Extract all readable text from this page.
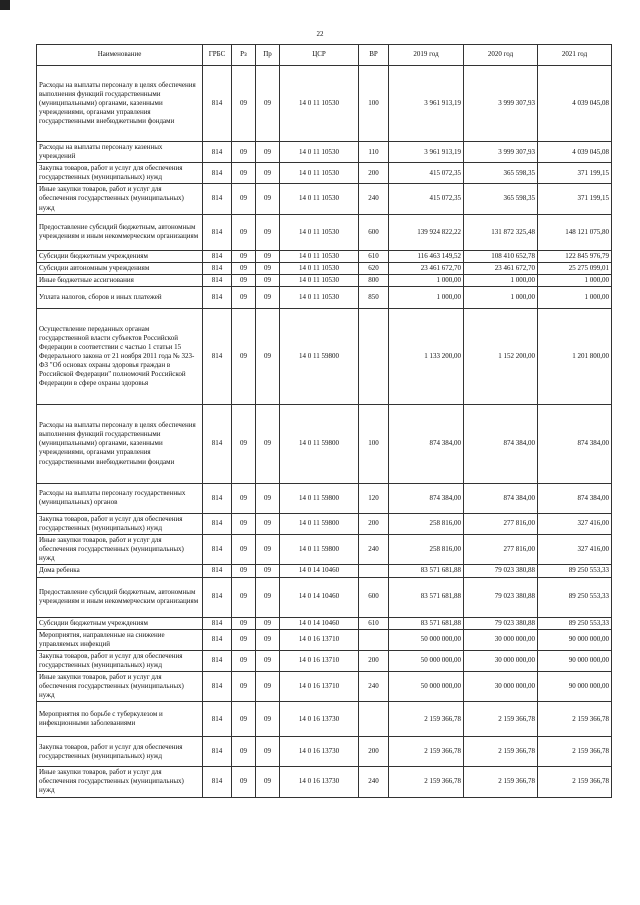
22
Наименование	ГРБС	Рз	Пр	ЦСР	ВР	2019 год	2020 год	2021 год
Расходы на выплаты персоналу в целях обеспечения выполнения функций государственными (муниципальными) органами, казенными учреждениями, органами управления государственными внебюджетными фондами	814	09	09	14 0 11 10530	100	3 961 913,19	3 999 307,93	4 039 045,08
Расходы на выплаты персоналу казенных учреждений	814	09	09	14 0 11 10530	110	3 961 913,19	3 999 307,93	4 039 045,08
Закупка товаров, работ и услуг для обеспечения государственных (муниципальных) нужд	814	09	09	14 0 11 10530	200	415 072,35	365 598,35	371 199,15
Иные закупки товаров, работ и услуг для обеспечения государственных (муниципальных) нужд	814	09	09	14 0 11 10530	240	415 072,35	365 598,35	371 199,15
Предоставление субсидий бюджетным, автономным учреждениям и иным некоммерческим организациям	814	09	09	14 0 11 10530	600	139 924 822,22	131 872 325,48	148 121 075,80
Субсидии бюджетным учреждениям	814	09	09	14 0 11 10530	610	116 463 149,52	108 410 652,78	122 845 976,79
Субсидии автономным учреждениям	814	09	09	14 0 11 10530	620	23 461 672,70	23 461 672,70	25 275 099,01
Иные бюджетные ассигнования	814	09	09	14 0 11 10530	800	1 000,00	1 000,00	1 000,00
Уплата налогов, сборов и иных платежей	814	09	09	14 0 11 10530	850	1 000,00	1 000,00	1 000,00
Осуществление переданных органам государственной власти субъектов Российской Федерации в соответствии с частью 1 статьи 15 Федерального закона от 21 ноября 2011 года № 323-ФЗ "Об основах охраны здоровья граждан в Российской Федерации" полномочий Российской Федерации в сфере охраны здоровья	814	09	09	14 0 11 59800		1 133 200,00	1 152 200,00	1 201 800,00
Расходы на выплаты персоналу в целях обеспечения выполнения функций государственными (муниципальными) органами, казенными учреждениями, органами управления государственными внебюджетными фондами	814	09	09	14 0 11 59800	100	874 384,00	874 384,00	874 384,00
Расходы на выплаты персоналу государственных (муниципальных) органов	814	09	09	14 0 11 59800	120	874 384,00	874 384,00	874 384,00
Закупка товаров, работ и услуг для обеспечения государственных (муниципальных) нужд	814	09	09	14 0 11 59800	200	258 816,00	277 816,00	327 416,00
Иные закупки товаров, работ и услуг для обеспечения государственных (муниципальных) нужд	814	09	09	14 0 11 59800	240	258 816,00	277 816,00	327 416,00
Дома ребенка	814	09	09	14 0 14 10460		83 571 681,88	79 023 380,88	89 250 553,33
Предоставление субсидий бюджетным, автономным учреждениям и иным некоммерческим организациям	814	09	09	14 0 14 10460	600	83 571 681,88	79 023 380,88	89 250 553,33
Субсидии бюджетным учреждениям	814	09	09	14 0 14 10460	610	83 571 681,88	79 023 380,88	89 250 553,33
Мероприятия, направленные на снижение управляемых инфекций	814	09	09	14 0 16 13710		50 000 000,00	30 000 000,00	90 000 000,00
Закупка товаров, работ и услуг для обеспечения государственных (муниципальных) нужд	814	09	09	14 0 16 13710	200	50 000 000,00	30 000 000,00	90 000 000,00
Иные закупки товаров, работ и услуг для обеспечения государственных (муниципальных) нужд	814	09	09	14 0 16 13710	240	50 000 000,00	30 000 000,00	90 000 000,00
Мероприятия по борьбе с туберкулезом и инфекционными заболеваниями	814	09	09	14 0 16 13730		2 159 366,78	2 159 366,78	2 159 366,78
Закупка товаров, работ и услуг для обеспечения государственных (муниципальных) нужд	814	09	09	14 0 16 13730	200	2 159 366,78	2 159 366,78	2 159 366,78
Иные закупки товаров, работ и услуг для обеспечения государственных (муниципальных) нужд	814	09	09	14 0 16 13730	240	2 159 366,78	2 159 366,78	2 159 366,78
